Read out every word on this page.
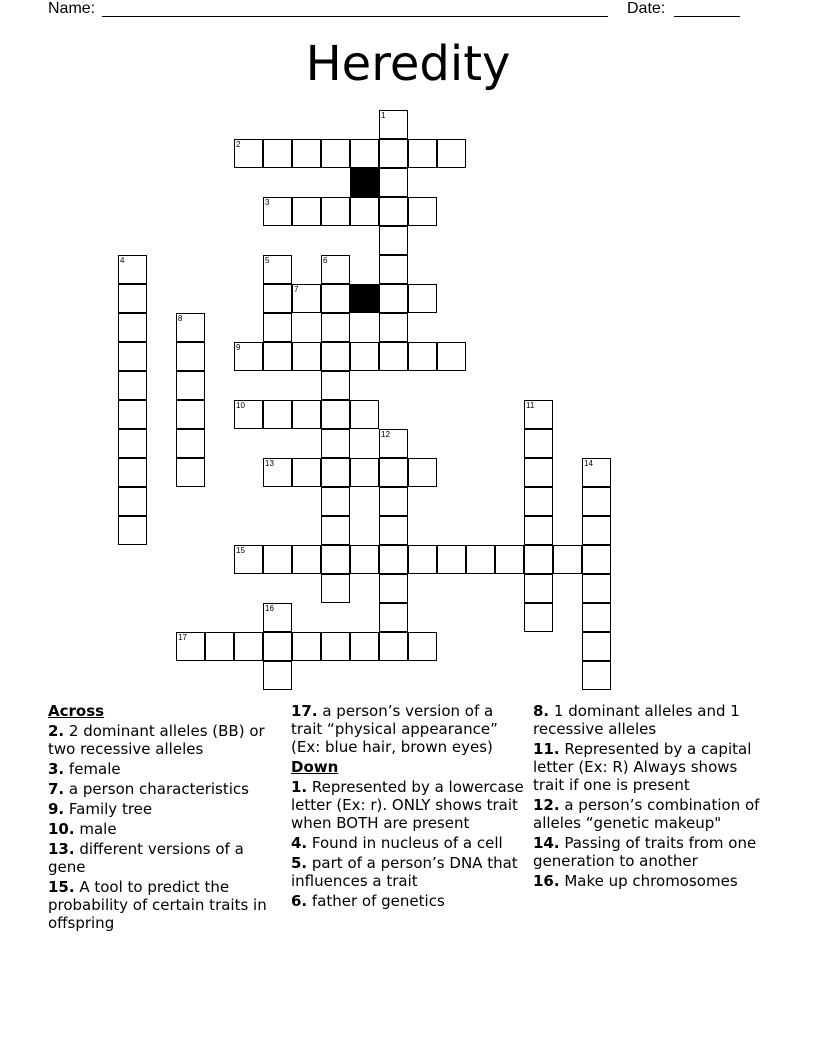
Name:	Date:
Heredity
1
2
3
4	5	6
7
8
9
10	11
12
13	14
15
16
17
Across
2. 2 dominant alleles (BB) or two recessive alleles
3. female
7. a person characteristics
9. Family tree
10. male
13. different versions of a gene
15. A tool to predict the probability of certain traits in offspring
17. a person’s version of a trait “physical appearance” (Ex: blue hair, brown eyes)
Down
1. Represented by a lowercase letter (Ex: r). ONLY shows trait when BOTH are present
4. Found in nucleus of a cell
5. part of a person’s DNA that influences a trait
6. father of genetics
8. 1 dominant alleles and 1 recessive alleles
11. Represented by a capital letter (Ex: R) Always shows trait if one is present
12. a person’s combination of alleles “genetic makeup"
14. Passing of traits from one generation to another
16. Make up chromosomes
